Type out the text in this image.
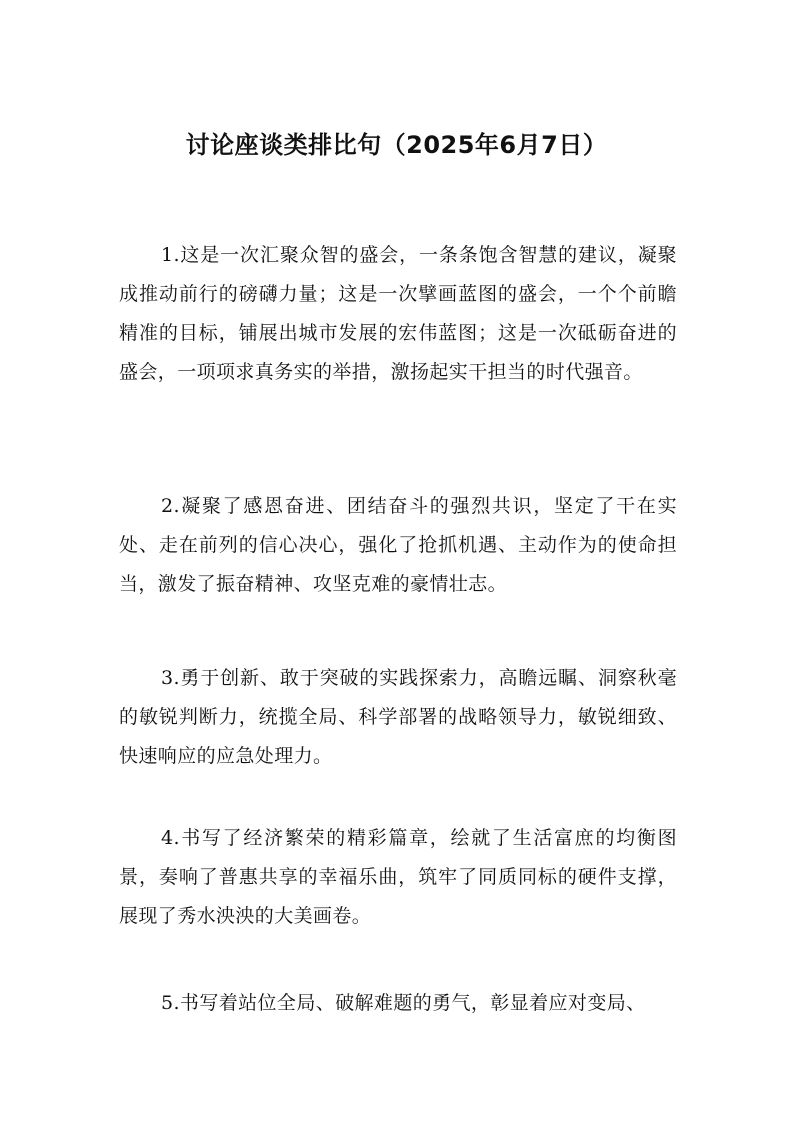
讨论座谈类排比句（2025年6月7日）

1.这是一次汇聚众智的盛会，一条条饱含智慧的建议，凝聚成推动前行的磅礴力量；这是一次擘画蓝图的盛会，一个个前瞻精准的目标，铺展出城市发展的宏伟蓝图；这是一次砥砺奋进的盛会，一项项求真务实的举措，激扬起实干担当的时代强音。

2.凝聚了感恩奋进、团结奋斗的强烈共识，坚定了干在实处、走在前列的信心决心，强化了抢抓机遇、主动作为的使命担当，激发了振奋精神、攻坚克难的豪情壮志。

3.勇于创新、敢于突破的实践探索力，高瞻远瞩、洞察秋毫的敏锐判断力，统揽全局、科学部署的战略领导力，敏锐细致、快速响应的应急处理力。

4.书写了经济繁荣的精彩篇章，绘就了生活富庶的均衡图景，奏响了普惠共享的幸福乐曲，筑牢了同质同标的硬件支撑，展现了秀水泱泱的大美画卷。

5.书写着站位全局、破解难题的勇气，彰显着应对变局、
